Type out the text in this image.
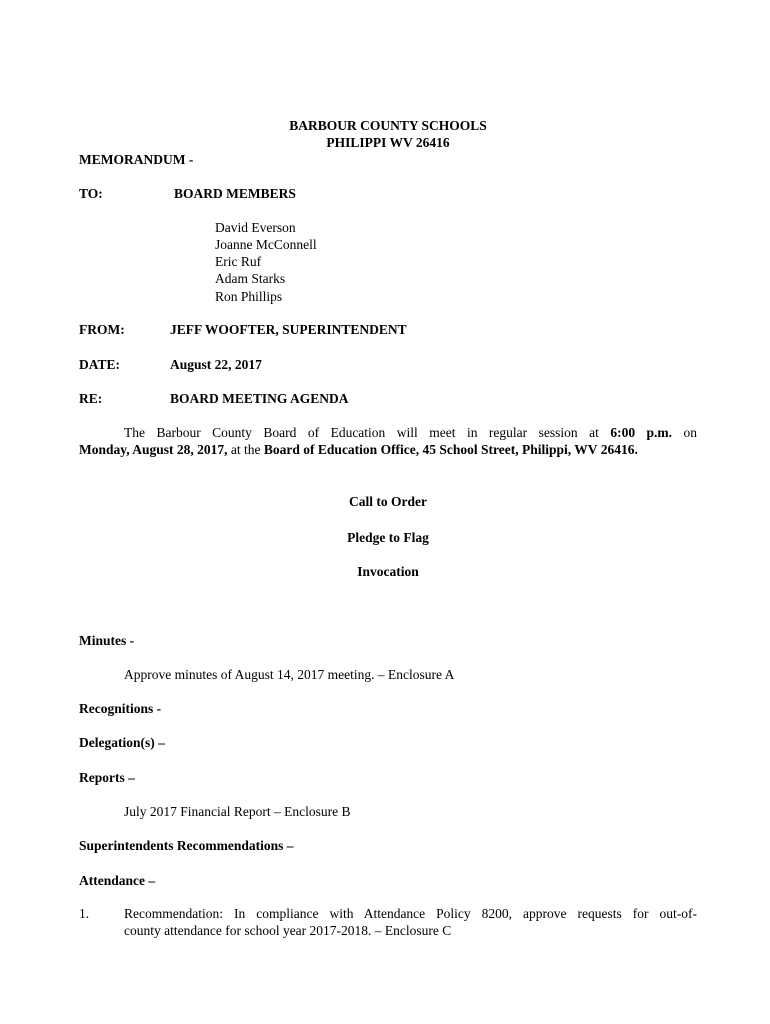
BARBOUR COUNTY SCHOOLS
PHILIPPI WV 26416
MEMORANDUM -
TO:	BOARD MEMBERS
David Everson
Joanne McConnell
Eric Ruf
Adam Starks
Ron Phillips
FROM:	JEFF WOOFTER, SUPERINTENDENT
DATE:	August 22, 2017
RE:	BOARD MEETING AGENDA
The Barbour County Board of Education will meet in regular session at 6:00 p.m. on
Monday, August 28, 2017, at the Board of Education Office, 45 School Street, Philippi, WV 26416.
Call to Order
Pledge to Flag
Invocation
Minutes -
Approve minutes of August 14, 2017 meeting. – Enclosure A
Recognitions -
Delegation(s) –
Reports –
July 2017 Financial Report – Enclosure B
Superintendents Recommendations –
Attendance –
1.	Recommendation: In compliance with Attendance Policy 8200, approve requests for out-of-
county attendance for school year 2017-2018. – Enclosure C
